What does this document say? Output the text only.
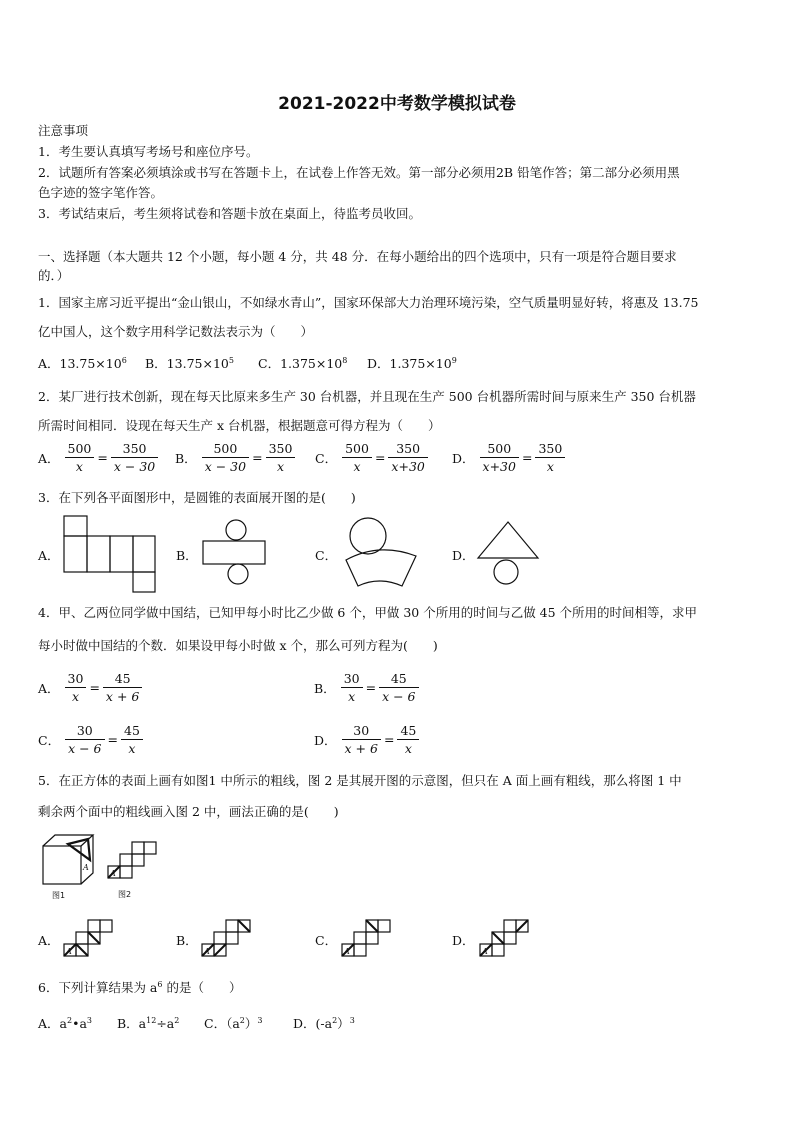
2021-2022中考数学模拟试卷
注意事项
1．考生要认真填写考场号和座位序号。
2．试题所有答案必须填涂或书写在答题卡上，在试卷上作答无效。第一部分必须用2B 铅笔作答；第二部分必须用黑
色字迹的签字笔作答。
3．考试结束后，考生须将试卷和答题卡放在桌面上，待监考员收回。
一、选择题（本大题共 12 个小题，每小题 4 分，共 48 分．在每小题给出的四个选项中，只有一项是符合题目要求
的．）
1．国家主席习近平提出“金山银山，不如绿水青山”，国家环保部大力治理环境污染，空气质量明显好转，将惠及 13.75
亿中国人，这个数字用科学记数法表示为（　　）
A．$13.75\times 10^6$ B．$13.75\times 10^5$ C．$1.375\times 10^8$ D．$1.375\times 10^9$
2．某厂进行技术创新，现在每天比原来多生产 30 台机器，并且现在生产 500 台机器所需时间与原来生产 350 台机器
所需时间相同．设现在每天生产 x 台机器，根据题意可得方程为（　　）
A． $\frac{500}{x} = \frac{350}{x - 30}$ B． $\frac{500}{x - 30} = \frac{350}{x}$ C． $\frac{500}{x} = \frac{350}{x+30}$ D． $\frac{500}{x+30} = \frac{350}{x}$
3．在下列各平面图形中，是圆锥的表面展开图的是(　　)
A．	B．	C．	D．
4．甲、乙两位同学做中国结，已知甲每小时比乙少做 6 个，甲做 30 个所用的时间与乙做 45 个所用的时间相等，求甲
每小时做中国结的个数．如果设甲每小时做 x 个，那么可列方程为(　　)
A． $\frac{30}{x} = \frac{45}{x + 6}$	B． $\frac{30}{x} = \frac{45}{x - 6}$
C． $\frac{30}{x - 6} = \frac{45}{x}$	D． $\frac{30}{x + 6} = \frac{45}{x}$
5．在正方体的表面上画有如图1 中所示的粗线，图 2 是其展开图的示意图，但只在 A 面上画有粗线，那么将图 1 中
剩余两个面中的粗线画入图 2 中，画法正确的是(　　)
A
图1
A
图2
A．
A
B．
A
C．
A
D．
A
6．下列计算结果为 $a^6$ 的是（　　）
A．$a^2•a^3$ B．$a^{12}\div a^2$ C．$(a^2)^3$ D．$(-a^2)^3$
